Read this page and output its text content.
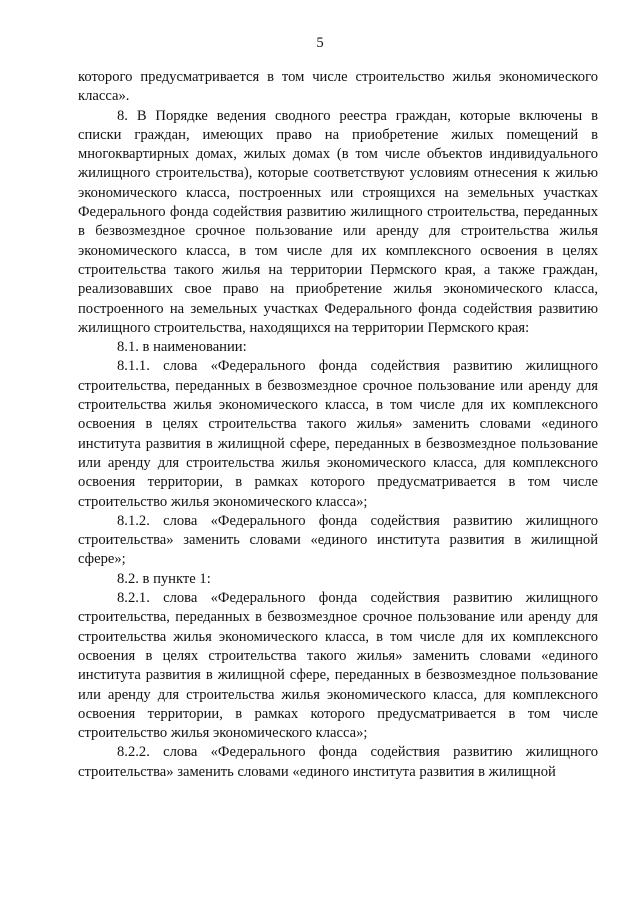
5

которого предусматривается в том числе строительство жилья экономического класса».

8. В Порядке ведения сводного реестра граждан, которые включены в списки граждан, имеющих право на приобретение жилых помещений в многоквартирных домах, жилых домах (в том числе объектов индивидуального жилищного строительства), которые соответствуют условиям отнесения к жилью экономического класса, построенных или строящихся на земельных участках Федерального фонда содействия развитию жилищного строительства, переданных в безвозмездное срочное пользование или аренду для строительства жилья экономического класса, в том числе для их комплексного освоения в целях строительства такого жилья на территории Пермского края, а также граждан, реализовавших свое право на приобретение жилья экономического класса, построенного на земельных участках Федерального фонда содействия развитию жилищного строительства, находящихся на территории Пермского края:

8.1. в наименовании:

8.1.1. слова «Федерального фонда содействия развитию жилищного строительства, переданных в безвозмездное срочное пользование или аренду для строительства жилья экономического класса, в том числе для их комплексного освоения в целях строительства такого жилья» заменить словами «единого института развития в жилищной сфере, переданных в безвозмездное пользование или аренду для строительства жилья экономического класса, для комплексного освоения территории, в рамках которого предусматривается в том числе строительство жилья экономического класса»;

8.1.2. слова «Федерального фонда содействия развитию жилищного строительства» заменить словами «единого института развития в жилищной сфере»;

8.2. в пункте 1:

8.2.1. слова «Федерального фонда содействия развитию жилищного строительства, переданных в безвозмездное срочное пользование или аренду для строительства жилья экономического класса, в том числе для их комплексного освоения в целях строительства такого жилья» заменить словами «единого института развития в жилищной сфере, переданных в безвозмездное пользование или аренду для строительства жилья экономического класса, для комплексного освоения территории, в рамках которого предусматривается в том числе строительство жилья экономического класса»;

8.2.2. слова «Федерального фонда содействия развитию жилищного строительства» заменить словами «единого института развития в жилищной
